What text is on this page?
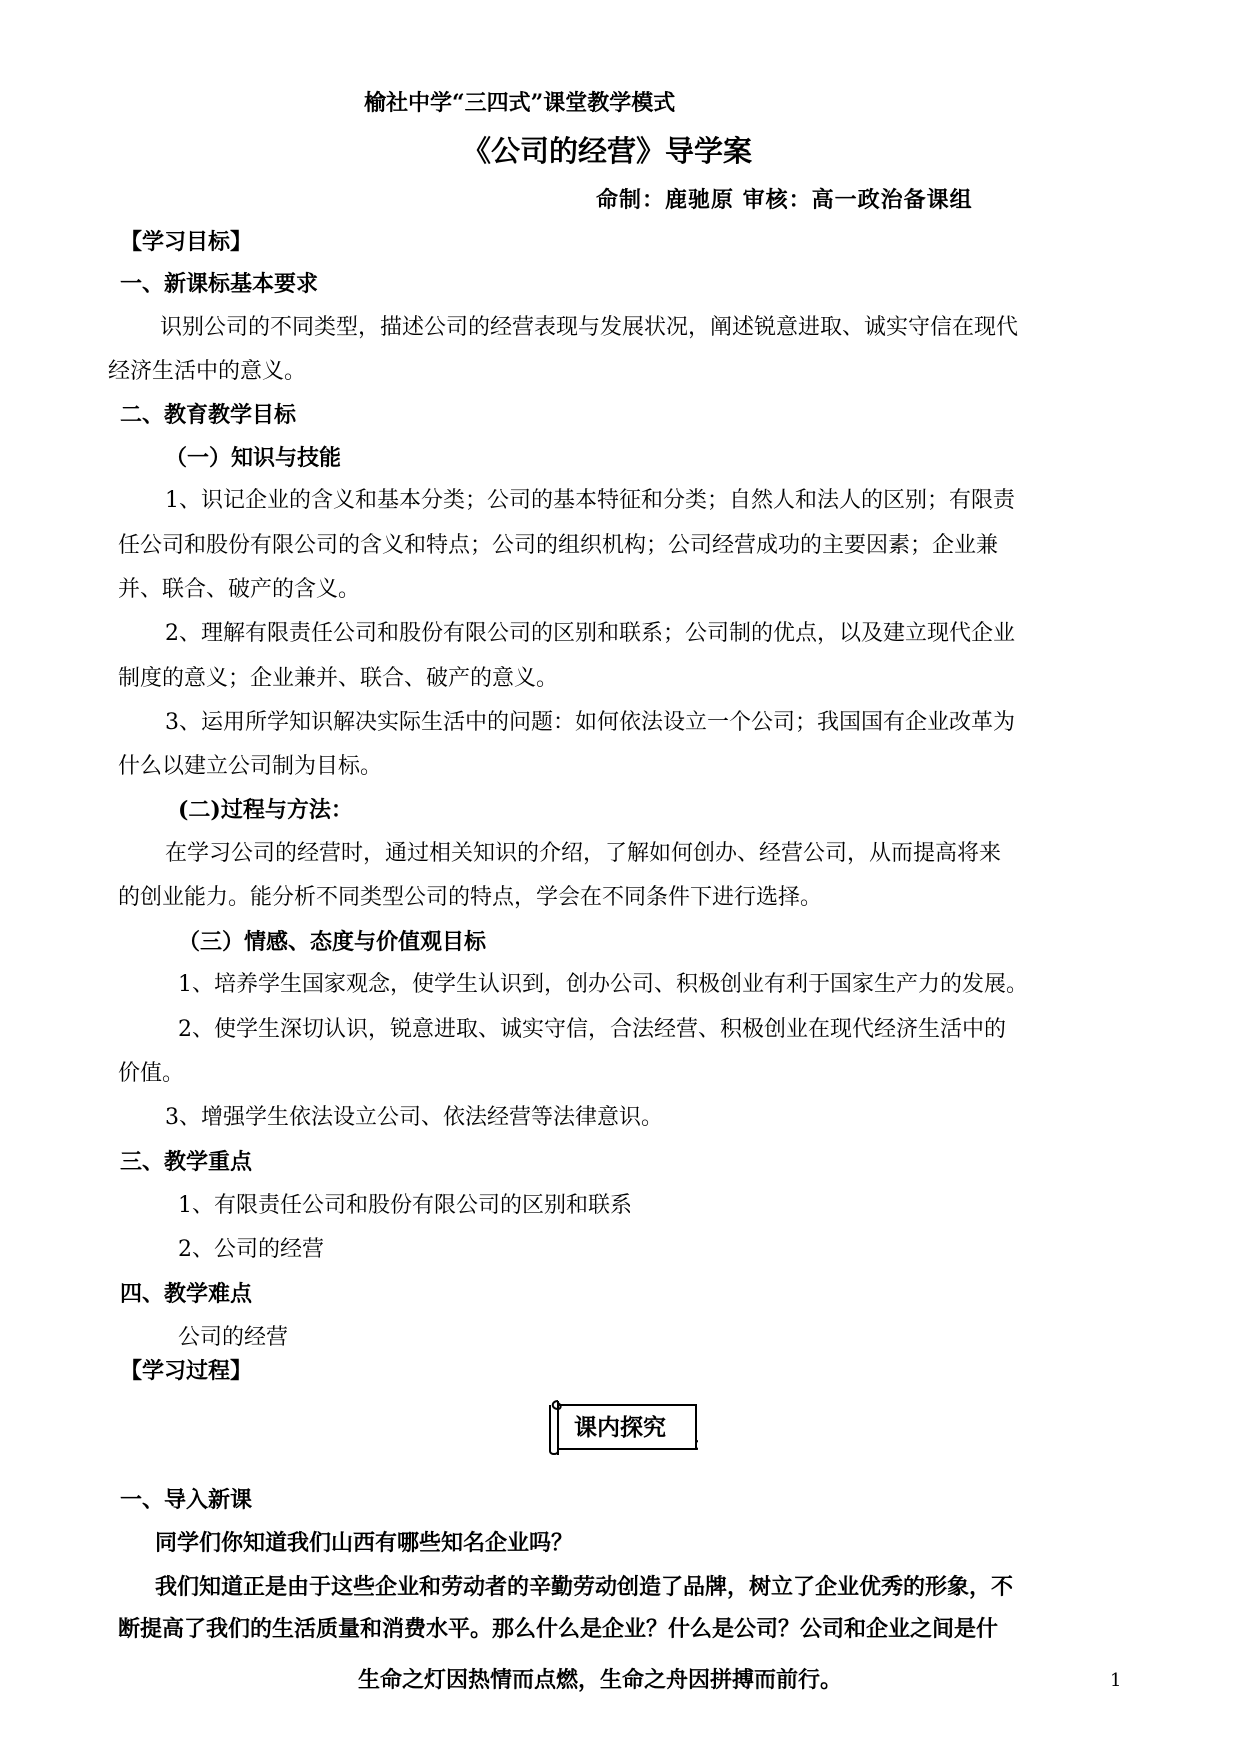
榆社中学“三四式”课堂教学模式
《公司的经营》导学案
命制：鹿驰原 审核：高一政治备课组
【学习目标】
一、新课标基本要求
识别公司的不同类型，描述公司的经营表现与发展状况，阐述锐意进取、诚实守信在现代
经济生活中的意义。
二、教育教学目标
（一）知识与技能
1、识记企业的含义和基本分类；公司的基本特征和分类；自然人和法人的区别；有限责
任公司和股份有限公司的含义和特点；公司的组织机构；公司经营成功的主要因素；企业兼
并、联合、破产的含义。
2、理解有限责任公司和股份有限公司的区别和联系；公司制的优点，以及建立现代企业
制度的意义；企业兼并、联合、破产的意义。
3、运用所学知识解决实际生活中的问题：如何依法设立一个公司；我国国有企业改革为
什么以建立公司制为目标。
(二)过程与方法：
在学习公司的经营时，通过相关知识的介绍，了解如何创办、经营公司，从而提高将来
的创业能力。能分析不同类型公司的特点，学会在不同条件下进行选择。
（三）情感、态度与价值观目标
1、培养学生国家观念，使学生认识到，创办公司、积极创业有利于国家生产力的发展。
2、使学生深切认识，锐意进取、诚实守信，合法经营、积极创业在现代经济生活中的
价值。
3、增强学生依法设立公司、依法经营等法律意识。
三、教学重点
1、有限责任公司和股份有限公司的区别和联系
2、公司的经营
四、教学难点
公司的经营
【学习过程】
课内探究
一、导入新课
同学们你知道我们山西有哪些知名企业吗？
我们知道正是由于这些企业和劳动者的辛勤劳动创造了品牌，树立了企业优秀的形象，不
断提高了我们的生活质量和消费水平。那么什么是企业？什么是公司？公司和企业之间是什
生命之灯因热情而点燃，生命之舟因拼搏而前行。	1
